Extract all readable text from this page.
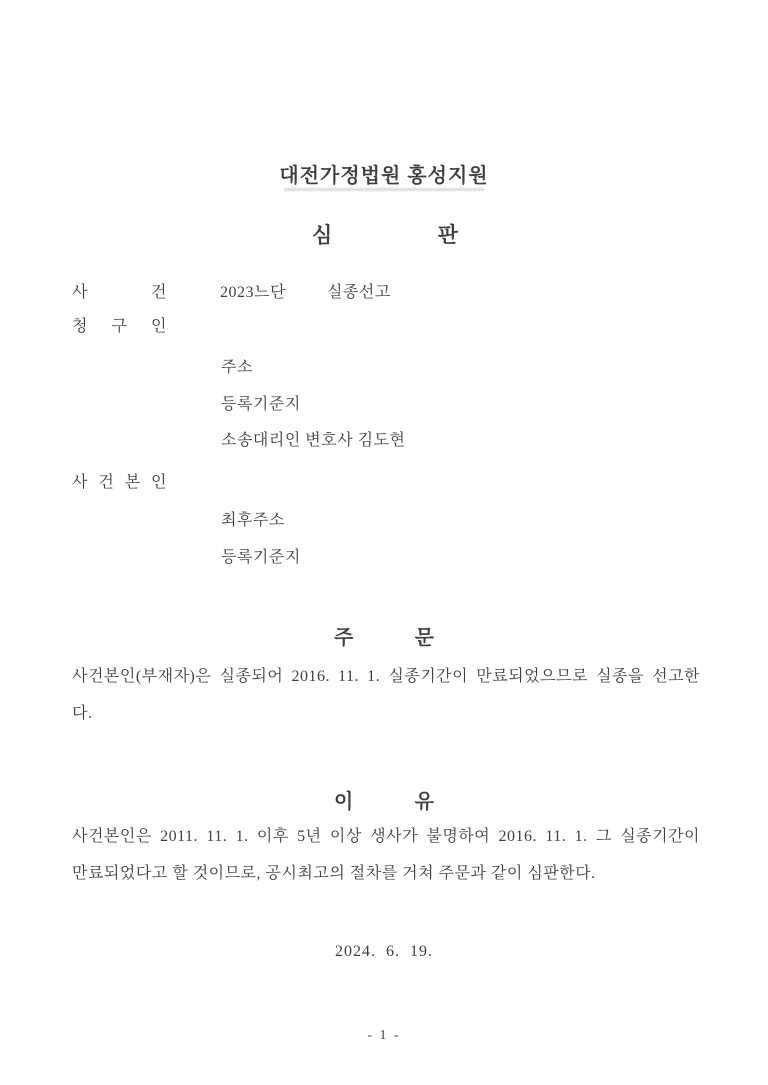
대전가정법원 홍성지원
심 판
사 건	2023느단	실종선고
청 구 인
주소
등록기준지
소송대리인 변호사 김도현
사 건 본 인
최후주소
등록기준지
주 문
사건본인(부재자)은 실종되어 2016. 11. 1. 실종기간이 만료되었으므로 실종을 선고한
다.
이 유
사건본인은 2011. 11. 1. 이후 5년 이상 생사가 불명하여 2016. 11. 1. 그 실종기간이
만료되었다고 할 것이므로, 공시최고의 절차를 거쳐 주문과 같이 심판한다.
2024.  6.  19.
- 1 -
